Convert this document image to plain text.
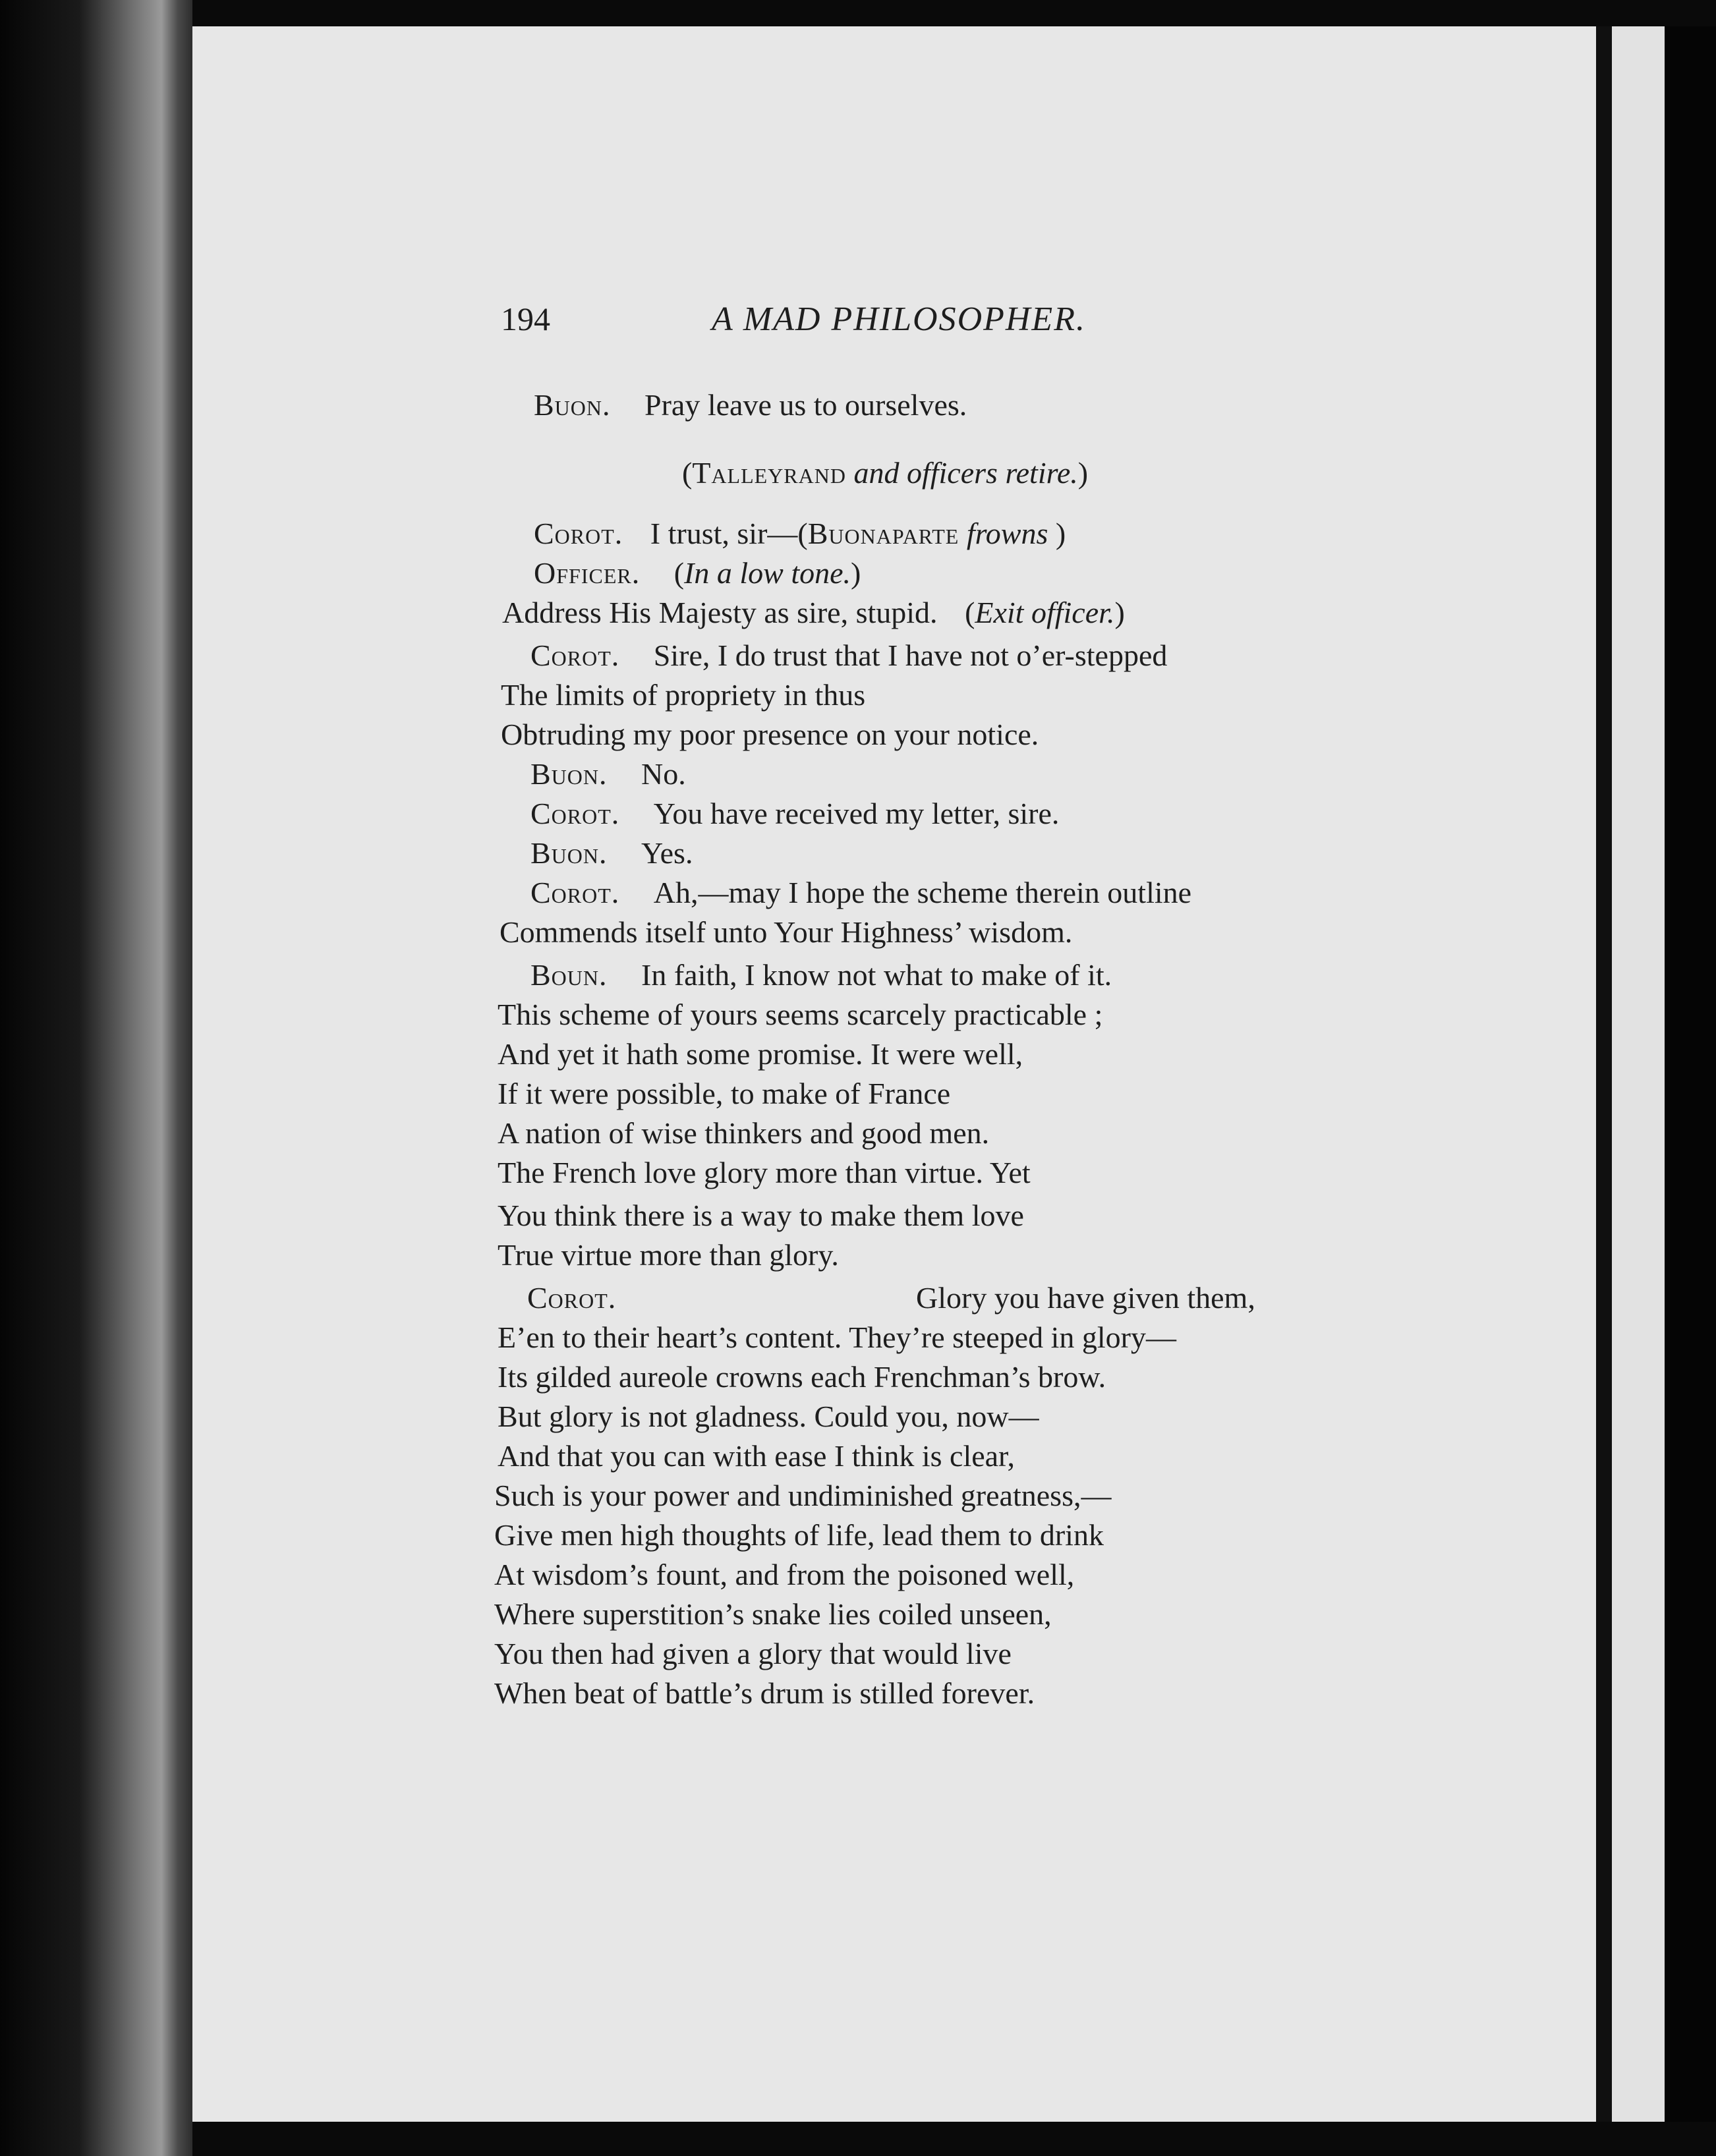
194	A MAD PHILOSOPHER.
Buon. Pray leave us to ourselves.
(Talleyrand and officers retire.)
Corot. I trust, sir—(Buonaparte frowns )
Officer. (In a low tone.)
Address His Majesty as sire, stupid. (Exit officer.)
Corot. Sire, I do trust that I have not o’er-stepped
The limits of propriety in thus
Obtruding my poor presence on your notice.
Buon. No.
Corot. You have received my letter, sire.
Buon. Yes.
Corot. Ah,—may I hope the scheme therein outline
Commends itself unto Your Highness’ wisdom.
Boun. In faith, I know not what to make of it.
This scheme of yours seems scarcely practicable ;
And yet it hath some promise. It were well,
If it were possible, to make of France
A nation of wise thinkers and good men.
The French love glory more than virtue. Yet
You think there is a way to make them love
True virtue more than glory.
Corot.	Glory you have given them,
E’en to their heart’s content. They’re steeped in glory—
Its gilded aureole crowns each Frenchman’s brow.
But glory is not gladness. Could you, now—
And that you can with ease I think is clear,
Such is your power and undiminished greatness,—
Give men high thoughts of life, lead them to drink
At wisdom’s fount, and from the poisoned well,
Where superstition’s snake lies coiled unseen,
You then had given a glory that would live
When beat of battle’s drum is stilled forever.
